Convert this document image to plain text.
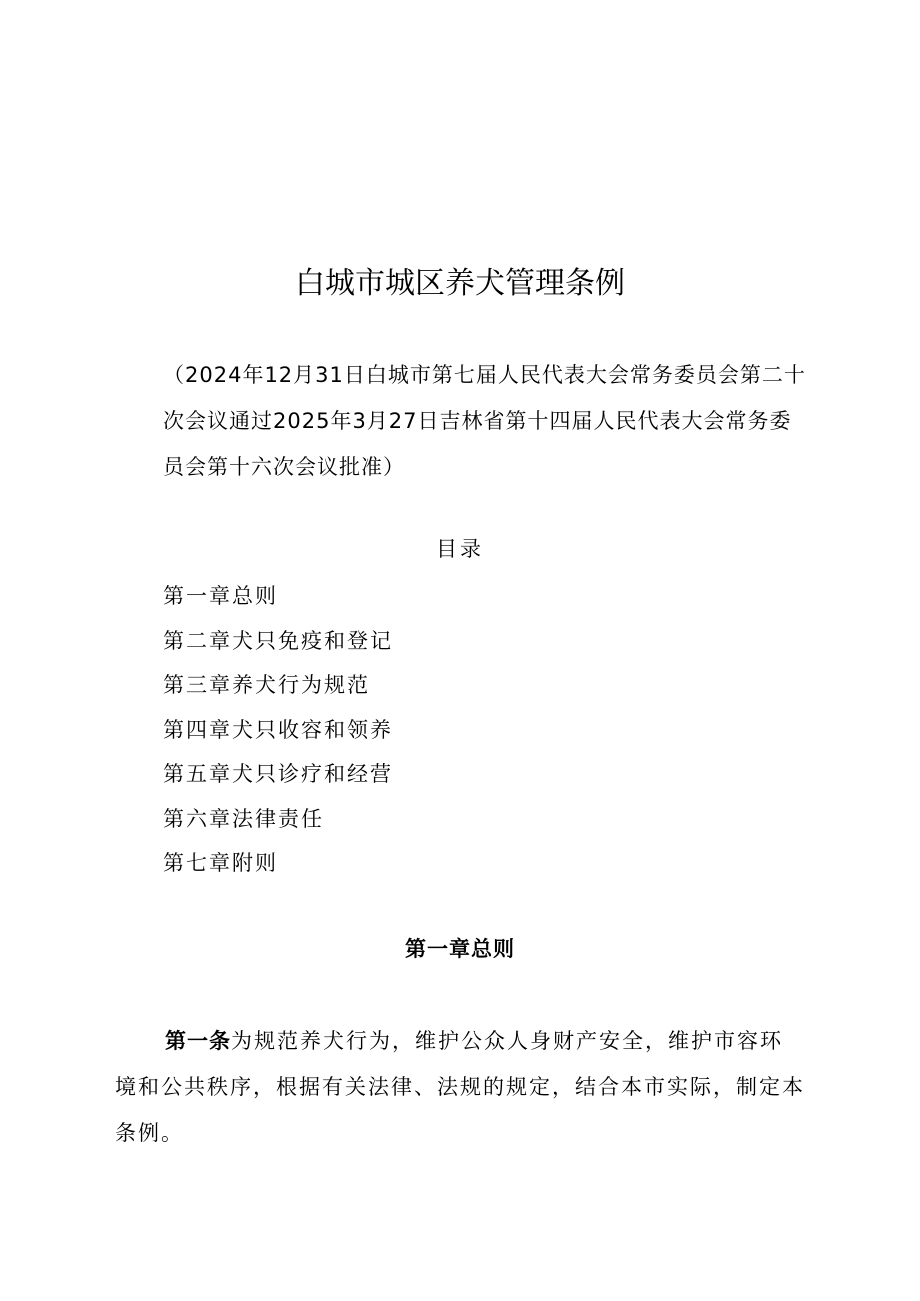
白城市城区养犬管理条例
（2024年12月31日白城市第七届人民代表大会常务委员会第二十次会议通过2025年3月27日吉林省第十四届人民代表大会常务委员会第十六次会议批准）
目录
第一章总则
第二章犬只免疫和登记
第三章养犬行为规范
第四章犬只收容和领养
第五章犬只诊疗和经营
第六章法律责任
第七章附则
第一章总则

第一条为规范养犬行为，维护公众人身财产安全，维护市容环境和公共秩序，根据有关法律、法规的规定，结合本市实际，制定本条例。
